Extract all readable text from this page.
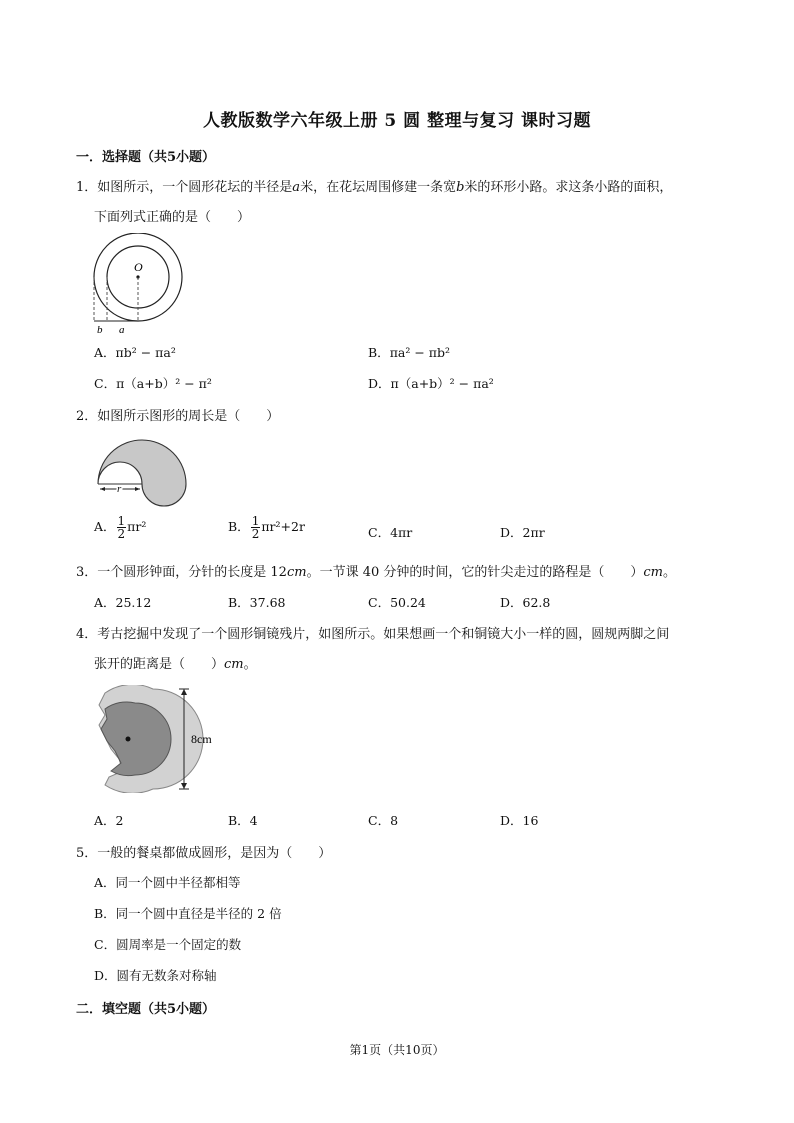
人教版数学六年级上册 5 圆 整理与复习 课时习题
一．选择题（共5小题）
1．如图所示，一个圆形花坛的半径是a米，在花坛周围修建一条宽b米的环形小路。求这条小路的面积，
下面列式正确的是（　　）
O
b a
A．πb² − πa²	B．πa² − πb²
C．π（a+b）² − π²	D．π（a+b）² − πa²
2．如图所示图形的周长是（　　）
r
A． $\frac{1}{2} \pi r^2$	B． $\frac{1}{2} \pi r^2+2r$	C．4πr	D．2πr
3．一个圆形钟面，分针的长度是 12cm。一节课 40 分钟的时间，它的针尖走过的路程是（　　）cm。
A．25.12	B．37.68	C．50.24	D．62.8
4．考古挖掘中发现了一个圆形铜镜残片，如图所示。如果想画一个和铜镜大小一样的圆，圆规两脚之间
张开的距离是（　　）cm。
8cm
A．2	B．4	C．8	D．16
5．一般的餐桌都做成圆形，是因为（　　）
A．同一个圆中半径都相等
B．同一个圆中直径是半径的 2 倍
C．圆周率是一个固定的数
D．圆有无数条对称轴
二．填空题（共5小题）
第1页（共10页）
